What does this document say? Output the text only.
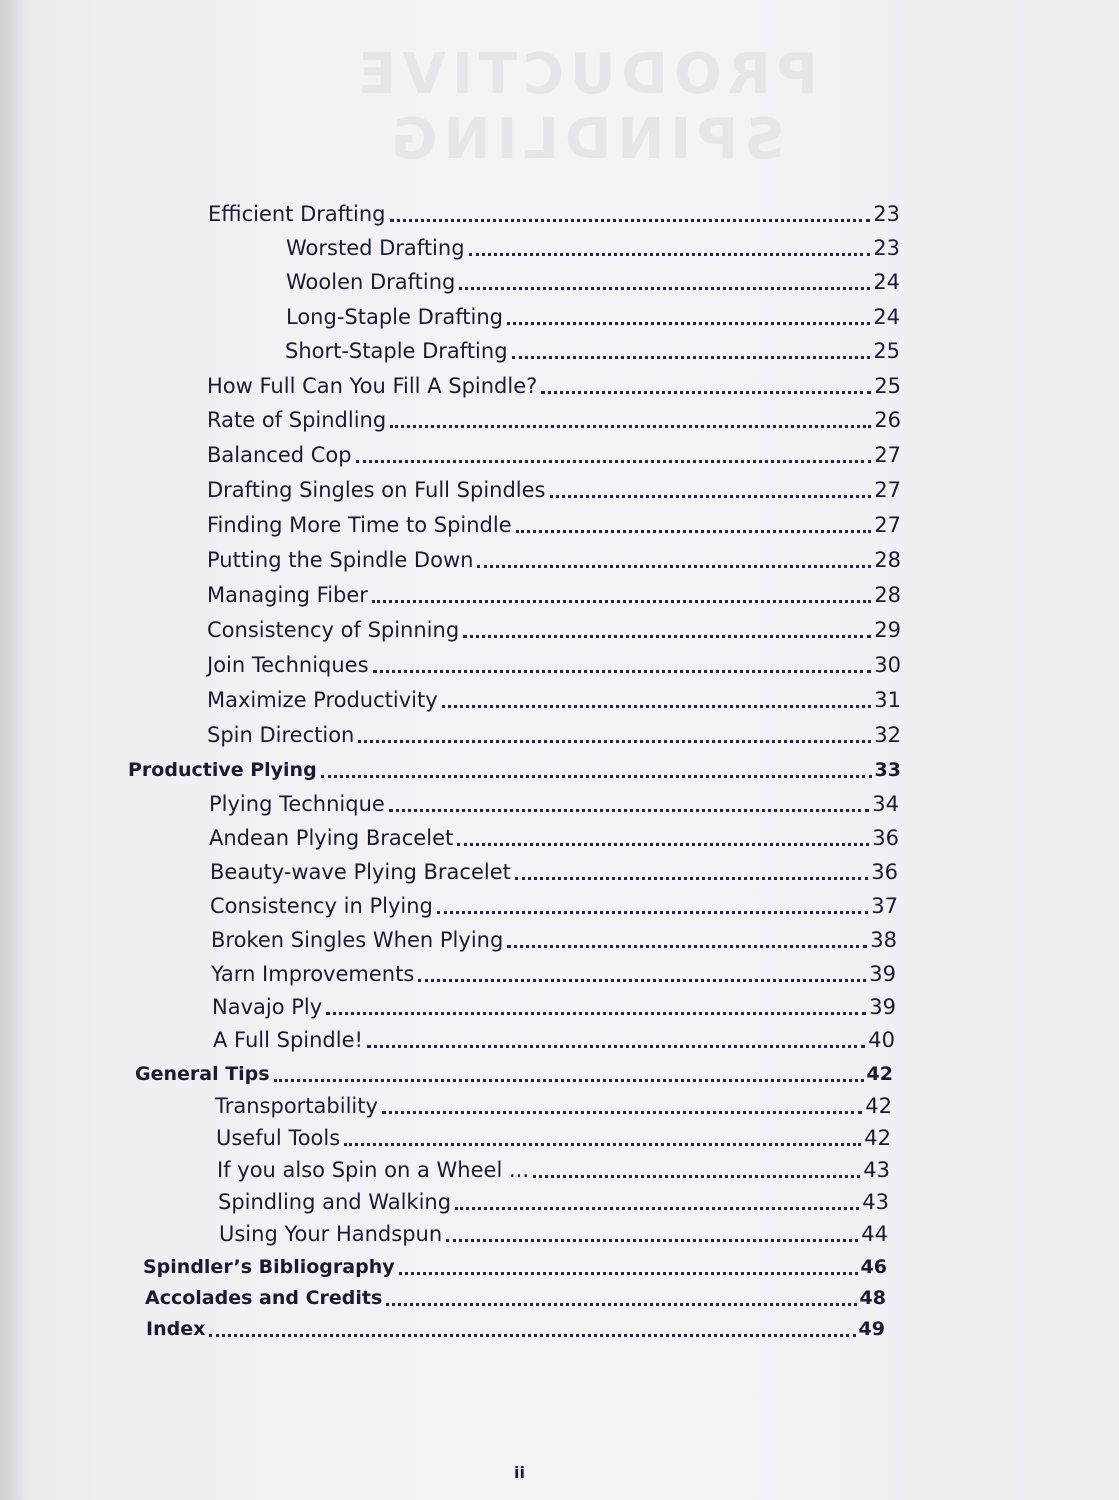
PRODUCTIVE SPINDLING
Efficient Drafting	23
Worsted Drafting	23
Woolen Drafting	24
Long-Staple Drafting	24
Short-Staple Drafting	25
How Full Can You Fill A Spindle?	25
Rate of Spindling	26
Balanced Cop	27
Drafting Singles on Full Spindles	27
Finding More Time to Spindle	27
Putting the Spindle Down	28
Managing Fiber	28
Consistency of Spinning	29
Join Techniques	30
Maximize Productivity	31
Spin Direction	32
Productive Plying	33
Plying Technique	34
Andean Plying Bracelet	36
Beauty-wave Plying Bracelet	36
Consistency in Plying	37
Broken Singles When Plying	38
Yarn Improvements	39
Navajo Ply	39
A Full Spindle!	40
General Tips	42
Transportability	42
Useful Tools	42
If you also Spin on a Wheel ...	43
Spindling and Walking	43
Using Your Handspun	44
Spindler’s Bibliography	46
Accolades and Credits	48
Index	49
ii
